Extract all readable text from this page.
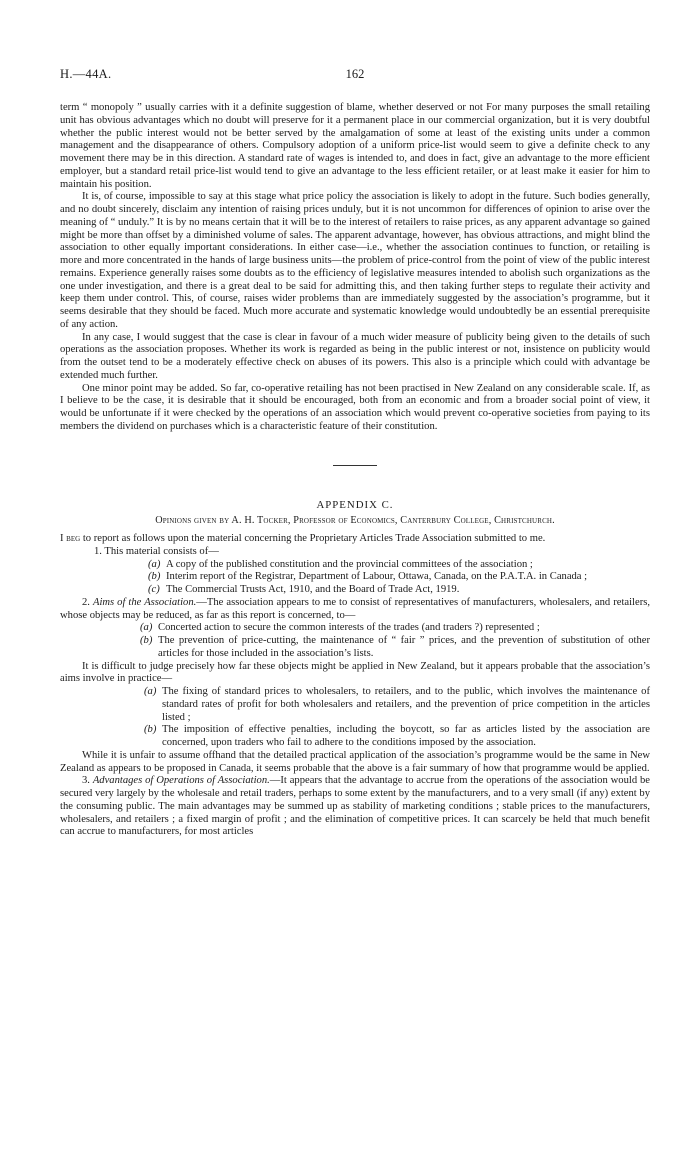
H.—44A.	162

term “ monopoly ” usually carries with it a definite suggestion of blame, whether deserved or not For many purposes the small retailing unit has obvious advantages which no doubt will preserve for it a permanent place in our commercial organization, but it is very doubtful whether the public interest would not be better served by the amalgamation of some at least of the existing units under a common management and the disappearance of others. Compulsory adoption of a uniform price-list would seem to give a definite check to any movement there may be in this direction. A standard rate of wages is intended to, and does in fact, give an advantage to the more efficient employer, but a standard retail price-list would tend to give an advantage to the less efficient retailer, or at least make it easier for him to maintain his position.

It is, of course, impossible to say at this stage what price policy the association is likely to adopt in the future. Such bodies generally, and no doubt sincerely, disclaim any intention of raising prices unduly, but it is not uncommon for differences of opinion to arise over the meaning of “ unduly.” It is by no means certain that it will be to the interest of retailers to raise prices, as any apparent advantage so gained might be more than offset by a diminished volume of sales. The apparent advantage, however, has obvious attractions, and might blind the association to other equally important considerations. In either case—i.e., whether the association continues to function, or retailing is more and more concentrated in the hands of large business units—the problem of price-control from the point of view of the public interest remains. Experience generally raises some doubts as to the efficiency of legislative measures intended to abolish such organizations as the one under investigation, and there is a great deal to be said for admitting this, and then taking further steps to regulate their activity and keep them under control. This, of course, raises wider problems than are immediately suggested by the association’s programme, but it seems desirable that they should be faced. Much more accurate and systematic knowledge would undoubtedly be an essential prerequisite of any action.

In any case, I would suggest that the case is clear in favour of a much wider measure of publicity being given to the details of such operations as the association proposes. Whether its work is regarded as being in the public interest or not, insistence on publicity would from the outset tend to be a moderately effective check on abuses of its powers. This also is a principle which could with advantage be extended much further.

One minor point may be added. So far, co-operative retailing has not been practised in New Zealand on any considerable scale. If, as I believe to be the case, it is desirable that it should be encouraged, both from an economic and from a broader social point of view, it would be unfortunate if it were checked by the operations of an association which would prevent co-operative societies from paying to its members the dividend on purchases which is a characteristic feature of their constitution.

APPENDIX C.
Opinions given by A. H. Tocker, Professor of Economics, Canterbury College, Christchurch.

I beg to report as follows upon the material concerning the Proprietary Articles Trade Association submitted to me.

1. This material consists of—

(a) A copy of the published constitution and the provincial committees of the association ;

(b) Interim report of the Registrar, Department of Labour, Ottawa, Canada, on the P.A.T.A. in Canada ;

(c) The Commercial Trusts Act, 1910, and the Board of Trade Act, 1919.

2. Aims of the Association.—The association appears to me to consist of representatives of manufacturers, wholesalers, and retailers, whose objects may be reduced, as far as this report is concerned, to—

(a) Concerted action to secure the common interests of the trades (and traders ?) represented ;

(b) The prevention of price-cutting, the maintenance of “ fair ” prices, and the prevention of substitution of other articles for those included in the association’s lists.

It is difficult to judge precisely how far these objects might be applied in New Zealand, but it appears probable that the association’s aims involve in practice—

(a) The fixing of standard prices to wholesalers, to retailers, and to the public, which involves the maintenance of standard rates of profit for both wholesalers and retailers, and the prevention of price competition in the articles listed ;

(b) The imposition of effective penalties, including the boycott, so far as articles listed by the association are concerned, upon traders who fail to adhere to the conditions imposed by the association.

While it is unfair to assume offhand that the detailed practical application of the association’s programme would be the same in New Zealand as appears to be proposed in Canada, it seems probable that the above is a fair summary of how that programme would be applied.

3. Advantages of Operations of Association.—It appears that the advantage to accrue from the operations of the association would be secured very largely by the wholesale and retail traders, perhaps to some extent by the manufacturers, and to a very small (if any) extent by the consuming public. The main advantages may be summed up as stability of marketing conditions ; stable prices to the manufacturers, wholesalers, and retailers ; a fixed margin of profit ; and the elimination of competitive prices. It can scarcely be held that much benefit can accrue to manufacturers, for most articles
